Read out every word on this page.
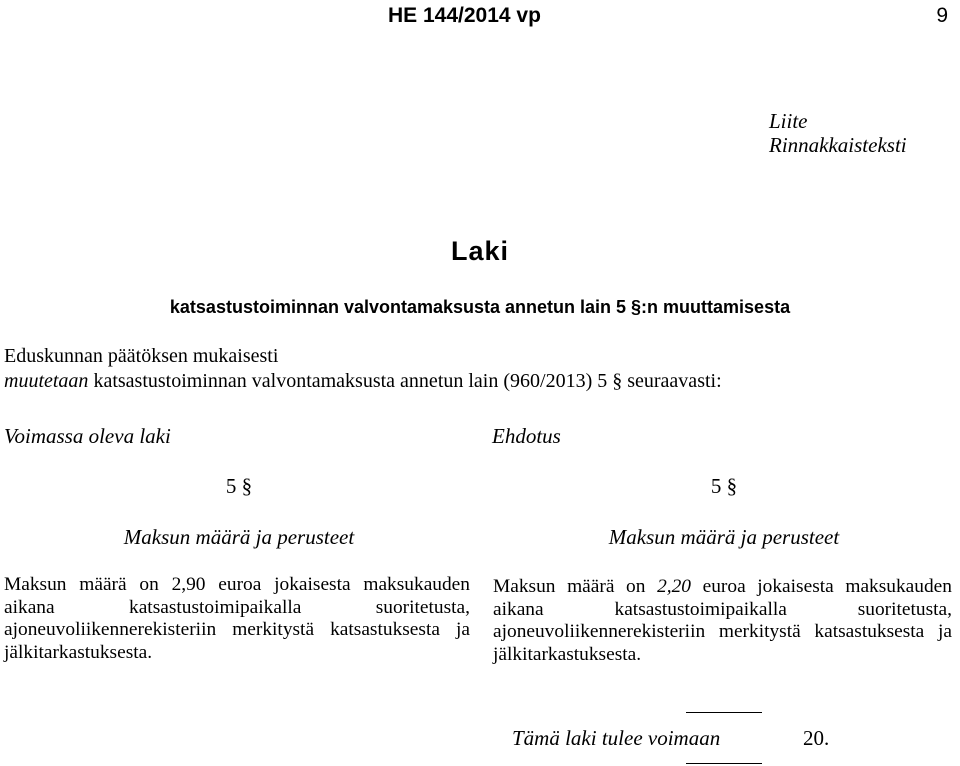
HE 144/2014 vp	9
Liite
Rinnakkaisteksti
Laki
katsastustoiminnan valvontamaksusta annetun lain 5 §:n muuttamisesta
Eduskunnan päätöksen mukaisesti
muutetaan katsastustoiminnan valvontamaksusta annetun lain (960/2013) 5 § seuraavasti:
Voimassa oleva laki	Ehdotus
5 §	5 §
Maksun määrä ja perusteet	Maksun määrä ja perusteet
Maksun määrä on 2,90 euroa jokaisesta maksukauden aikana katsastustoimipaikalla suoritetusta, ajoneuvoliikennerekisteriin merkitystä katsastuksesta ja jälkitarkastuksesta.
Maksun määrä on 2,20 euroa jokaisesta maksukauden aikana katsastustoimipaikalla suoritetusta, ajoneuvoliikennerekisteriin merkitystä katsastuksesta ja jälkitarkastuksesta.
Tämä laki tulee voimaan	20.
